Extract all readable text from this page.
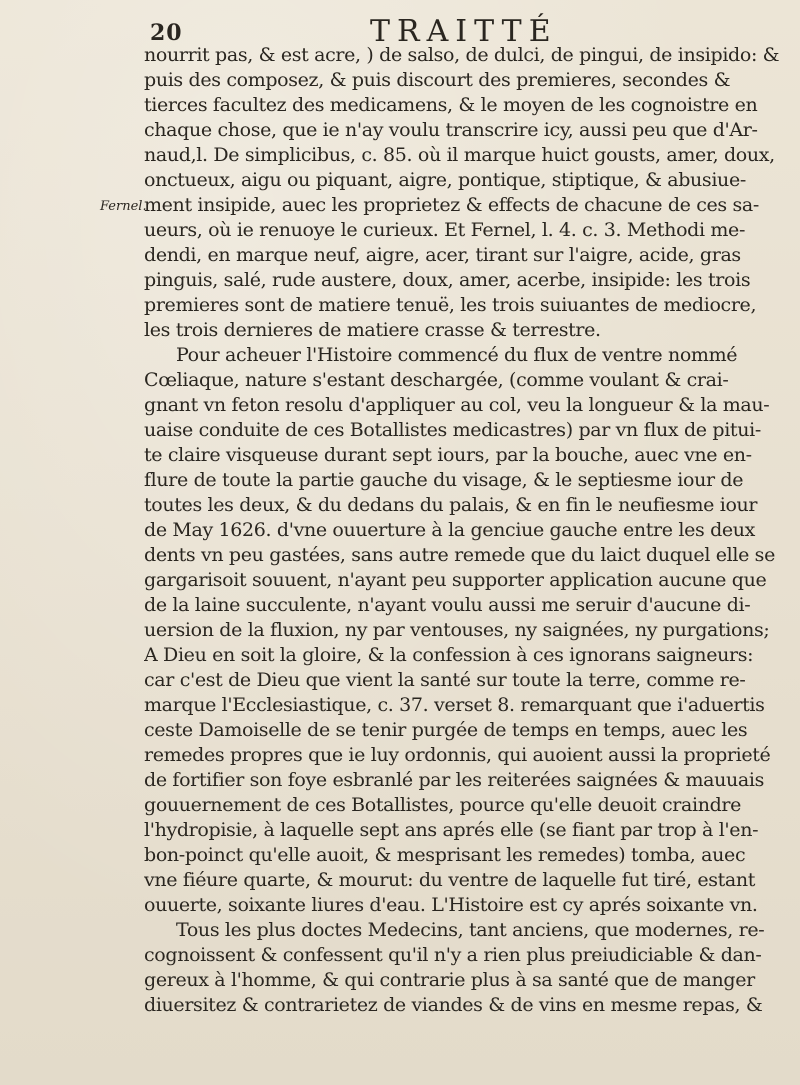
20	TRAITTÉ
Fernel.
nourrit pas, & est acre, ) de salso, de dulci, de pingui, de insipido: &
puis des composez, & puis discourt des premieres, secondes &
tierces facultez des medicamens, & le moyen de les cognoistre en
chaque chose, que ie n'ay voulu transcrire icy, aussi peu que d'Ar-
naud,l. De simplicibus, c. 85. où il marque huict gousts, amer, doux,
onctueux, aigu ou piquant, aigre, pontique, stiptique, & abusiue-
ment insipide, auec les proprietez & effects de chacune de ces sa-
ueurs, où ie renuoye le curieux. Et Fernel, l. 4. c. 3. Methodi me-
dendi, en marque neuf, aigre, acer, tirant sur l'aigre, acide, gras
pinguis, salé, rude austere, doux, amer, acerbe, insipide: les trois
premieres sont de matiere tenuë, les trois suiuantes de mediocre,
les trois dernieres de matiere crasse & terrestre.
Pour acheuer l'Histoire commencé du flux de ventre nommé
Cœliaque, nature s'estant deschargée, (comme voulant & crai-
gnant vn feton resolu d'appliquer au col, veu la longueur & la mau-
uaise conduite de ces Botallistes medicastres) par vn flux de pitui-
te claire visqueuse durant sept iours, par la bouche, auec vne en-
flure de toute la partie gauche du visage, & le septiesme iour de
toutes les deux, & du dedans du palais, & en fin le neufiesme iour
de May 1626. d'vne ouuerture à la genciue gauche entre les deux
dents vn peu gastées, sans autre remede que du laict duquel elle se
gargarisoit souuent, n'ayant peu supporter application aucune que
de la laine succulente, n'ayant voulu aussi me seruir d'aucune di-
uersion de la fluxion, ny par ventouses, ny saignées, ny purgations;
A Dieu en soit la gloire, & la confession à ces ignorans saigneurs:
car c'est de Dieu que vient la santé sur toute la terre, comme re-
marque l'Ecclesiastique, c. 37. verset 8. remarquant que i'aduertis
ceste Damoiselle de se tenir purgée de temps en temps, auec les
remedes propres que ie luy ordonnis, qui auoient aussi la proprieté
de fortifier son foye esbranlé par les reiterées saignées & mauuais
gouuernement de ces Botallistes, pource qu'elle deuoit craindre
l'hydropisie, à laquelle sept ans aprés elle (se fiant par trop à l'en-
bon-poinct qu'elle auoit, & mesprisant les remedes) tomba, auec
vne fiéure quarte, & mourut: du ventre de laquelle fut tiré, estant
ouuerte, soixante liures d'eau. L'Histoire est cy aprés soixante vn.
Tous les plus doctes Medecins, tant anciens, que modernes, re-
cognoissent & confessent qu'il n'y a rien plus preiudiciable & dan-
gereux à l'homme, & qui contrarie plus à sa santé que de manger
diuersitez & contrarietez de viandes & de vins en mesme repas, &
